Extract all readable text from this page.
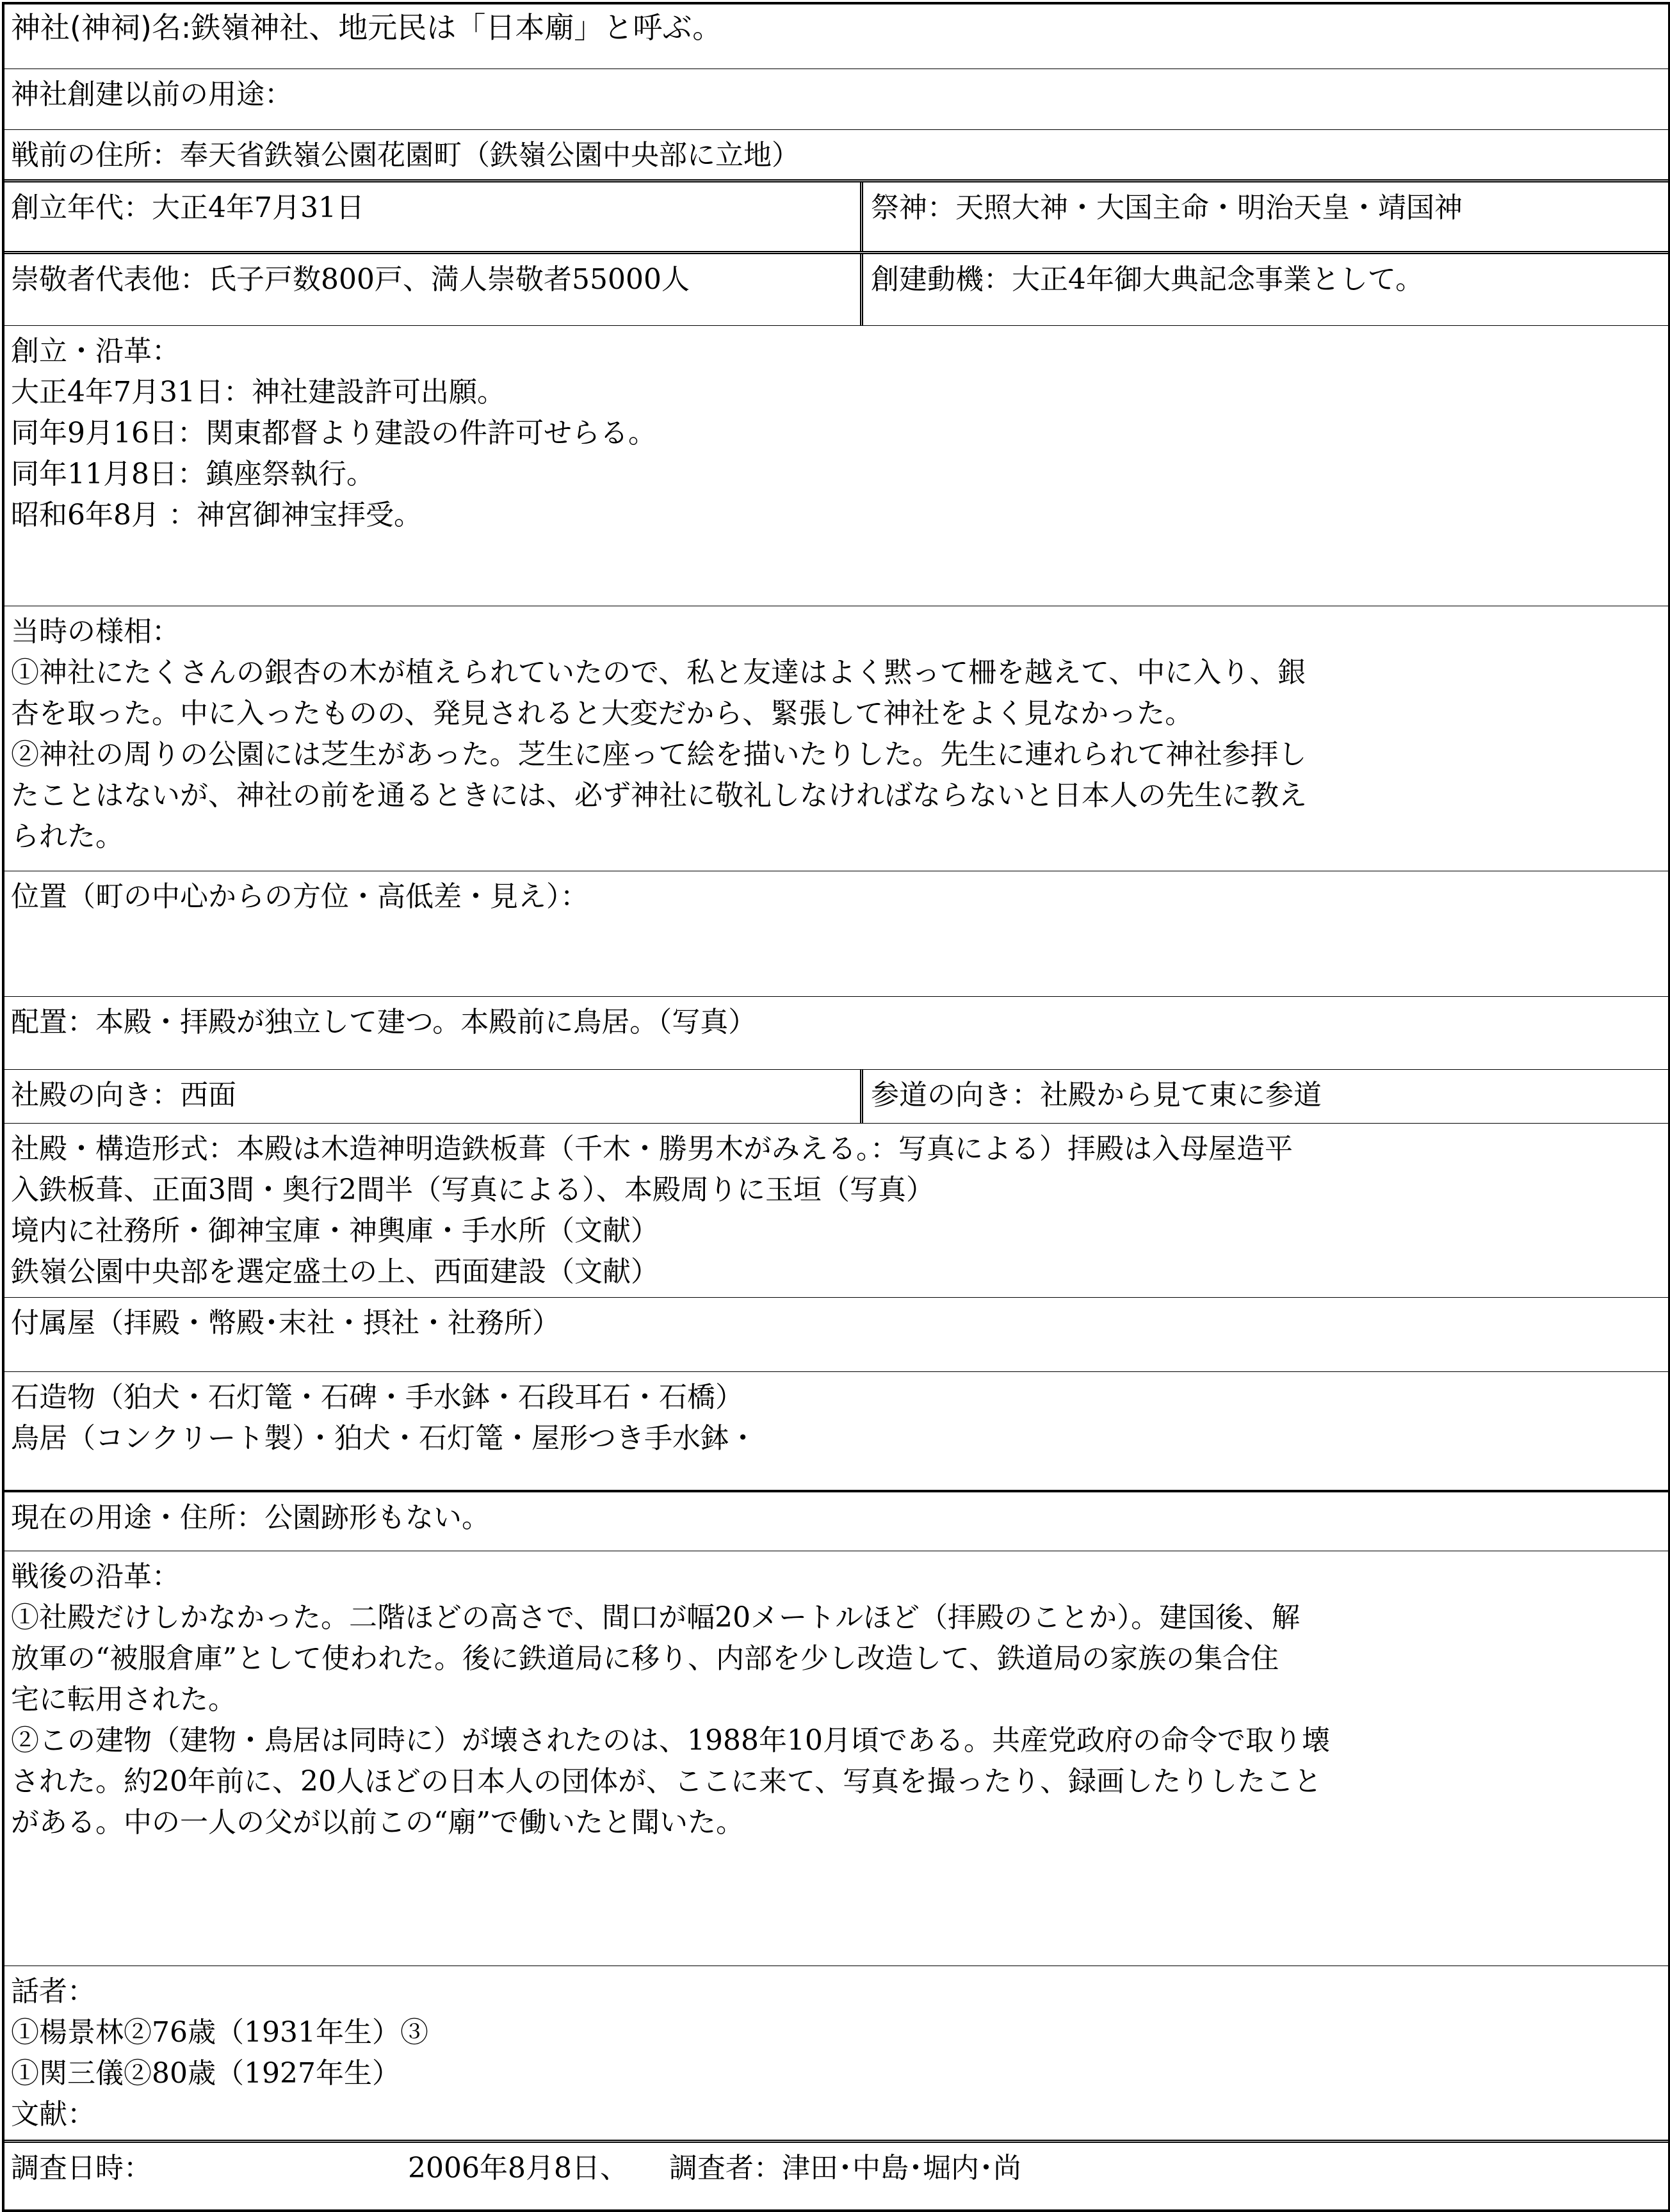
神社(神祠)名:鉄嶺神社、地元民は「日本廟」と呼ぶ。
神社創建以前の用途：
戦前の住所：奉天省鉄嶺公園花園町（鉄嶺公園中央部に立地）
創立年代：大正4年7月31日	祭神：天照大神・大国主命・明治天皇・靖国神
崇敬者代表他：氏子戸数800戸、満人崇敬者55000人	創建動機：大正4年御大典記念事業として。
創立・沿革：
大正4年7月31日：神社建設許可出願。
同年9月16日：関東都督より建設の件許可せらる。
同年11月8日：鎮座祭執行。
昭和6年8月 ：神宮御神宝拝受。
当時の様相：
①神社にたくさんの銀杏の木が植えられていたので、私と友達はよく黙って柵を越えて、中に入り、銀
杏を取った。中に入ったものの、発見されると大変だから、緊張して神社をよく見なかった。
②神社の周りの公園には芝生があった。芝生に座って絵を描いたりした。先生に連れられて神社参拝し
たことはないが、神社の前を通るときには、必ず神社に敬礼しなければならないと日本人の先生に教え
られた。
位置（町の中心からの方位・高低差・見え）：
配置：本殿・拝殿が独立して建つ。本殿前に鳥居。（写真）
社殿の向き：西面	参道の向き：社殿から見て東に参道
社殿・構造形式：本殿は木造神明造鉄板葺（千木・勝男木がみえる。：写真による）拝殿は入母屋造平
入鉄板葺、正面3間・奥行2間半（写真による）、本殿周りに玉垣（写真）
境内に社務所・御神宝庫・神輿庫・手水所（文献）
鉄嶺公園中央部を選定盛土の上、西面建設（文献）
付属屋（拝殿・幣殿･末社・摂社・社務所）
石造物（狛犬・石灯篭・石碑・手水鉢・石段耳石・石橋）
鳥居（コンクリート製）・狛犬・石灯篭・屋形つき手水鉢・
現在の用途・住所：公園跡形もない。
戦後の沿革：
①社殿だけしかなかった。二階ほどの高さで、間口が幅20メートルほど（拝殿のことか）。建国後、解
放軍の“被服倉庫”として使われた。後に鉄道局に移り、内部を少し改造して、鉄道局の家族の集合住
宅に転用された。
②この建物（建物・鳥居は同時に）が壊されたのは、1988年10月頃である。共産党政府の命令で取り壊
された。約20年前に、20人ほどの日本人の団体が、ここに来て、写真を撮ったり、録画したりしたこと
がある。中の一人の父が以前この“廟”で働いたと聞いた。
話者：
①楊景林②76歳（1931年生）③
①関三儀②80歳（1927年生）
文献：
調査日時：	2006年8月8日、 調査者：津田･中島･堀内･尚
